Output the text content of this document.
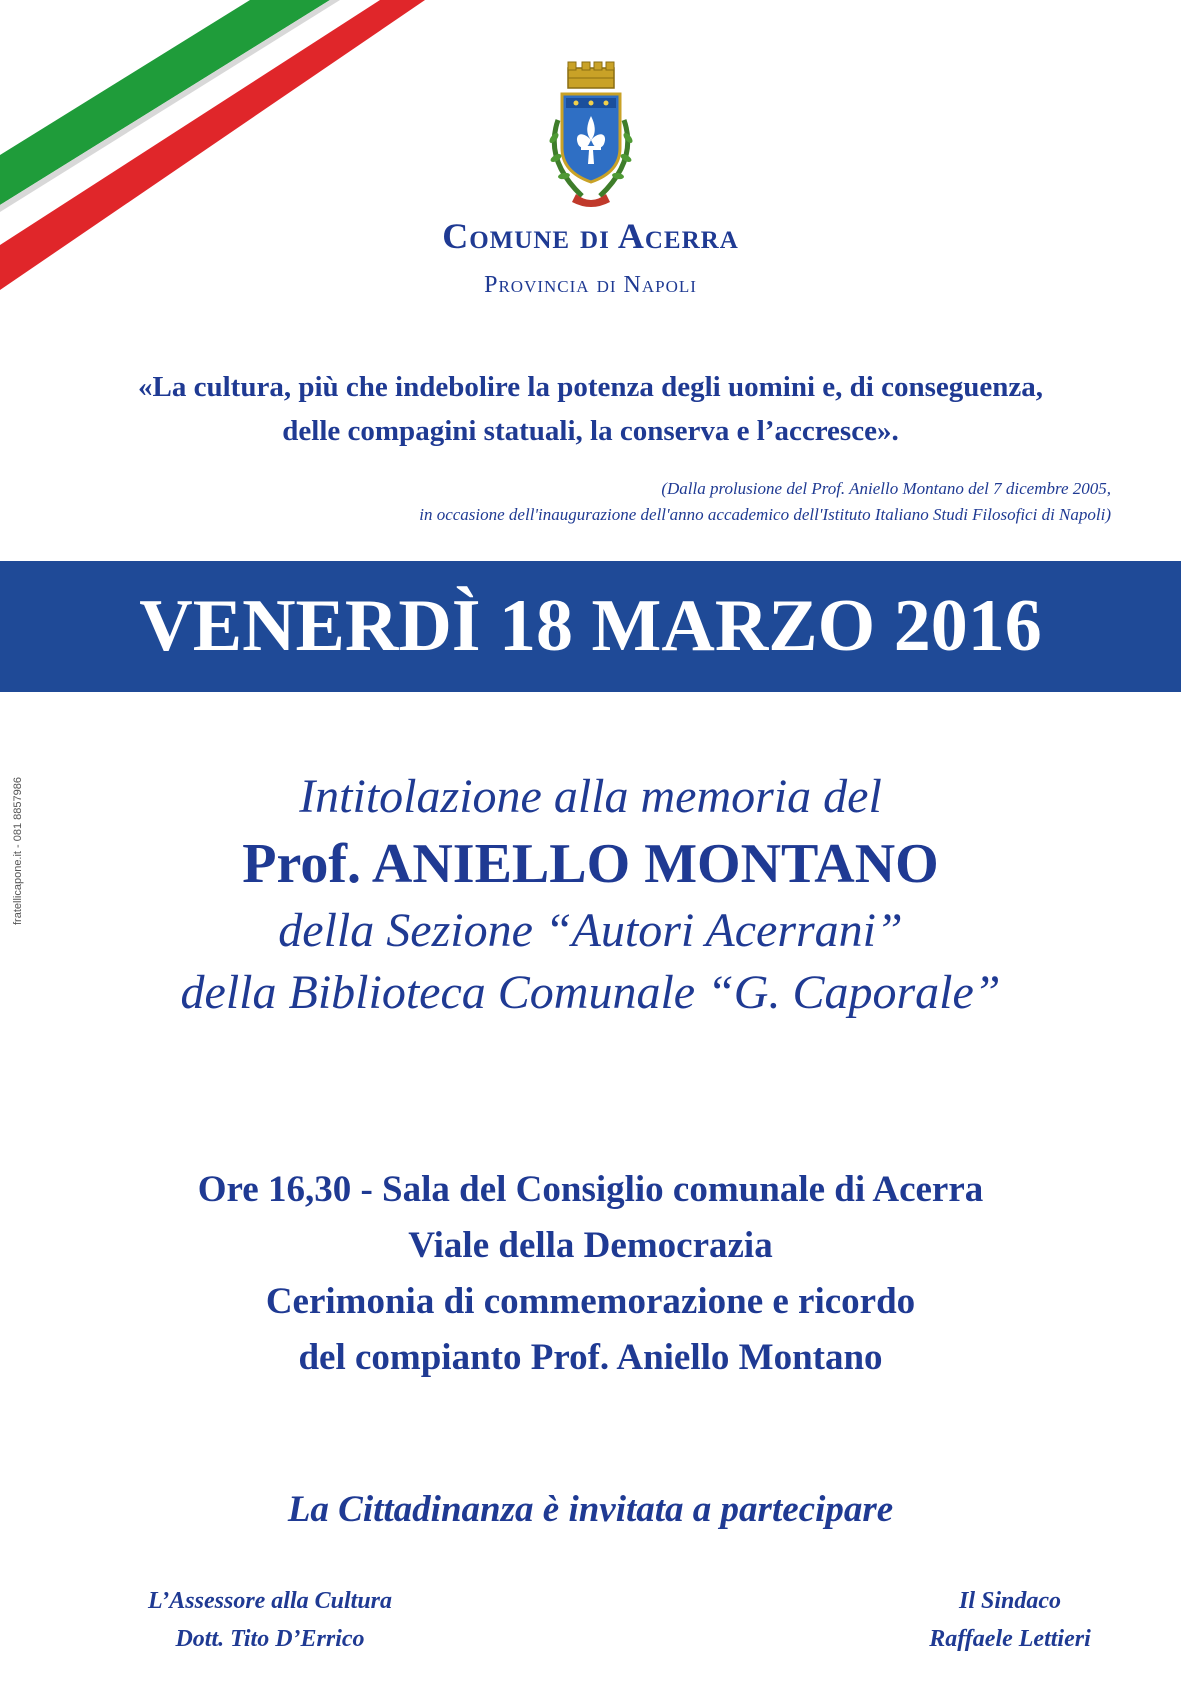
Comune di Acerra
Provincia di Napoli
«La cultura, più che indebolire la potenza degli uomini e, di conseguenza,
delle compagini statuali, la conserva e l’accresce».
(Dalla prolusione del Prof. Aniello Montano del 7 dicembre 2005,
in occasione dell'inaugurazione dell'anno accademico dell'Istituto Italiano Studi Filosofici di Napoli)
VENERDÌ 18 MARZO 2016
fratellicapone.it - 081 8857986	Intitolazione alla memoria del
Prof. ANIELLO MONTANO
della Sezione “Autori Acerrani”
della Biblioteca Comunale “G. Caporale”
Ore 16,30 - Sala del Consiglio comunale di Acerra
Viale della Democrazia
Cerimonia di commemorazione e ricordo
del compianto Prof. Aniello Montano
La Cittadinanza è invitata a partecipare
L’Assessore alla Cultura
Dott. Tito D’Errico
Il Sindaco
Raffaele Lettieri
